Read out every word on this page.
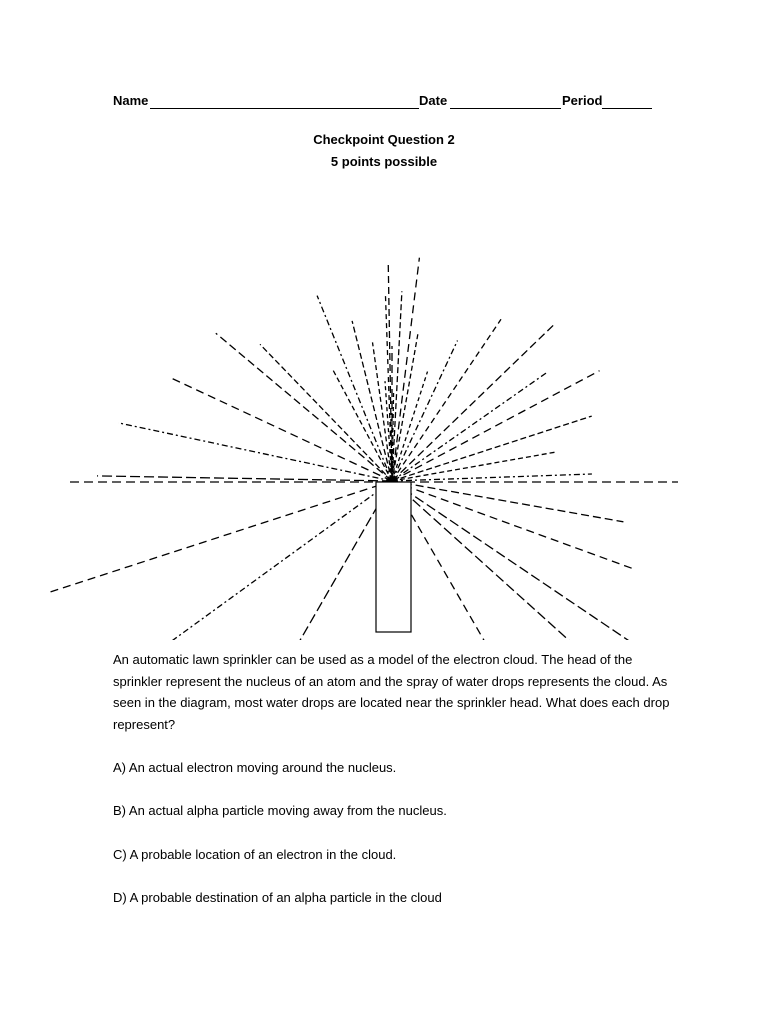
Name	Date	Period
Checkpoint Question 2
5 points possible
An automatic lawn sprinkler can be used as a model of the electron cloud. The head of the sprinkler represent the nucleus of an atom and the spray of water drops represents the cloud. As seen in the diagram, most water drops are located near the sprinkler head. What does each drop represent?
A) An actual electron moving around the nucleus.
B) An actual alpha particle moving away from the nucleus.
C) A probable location of an electron in the cloud.
D) A probable destination of an alpha particle in the cloud
